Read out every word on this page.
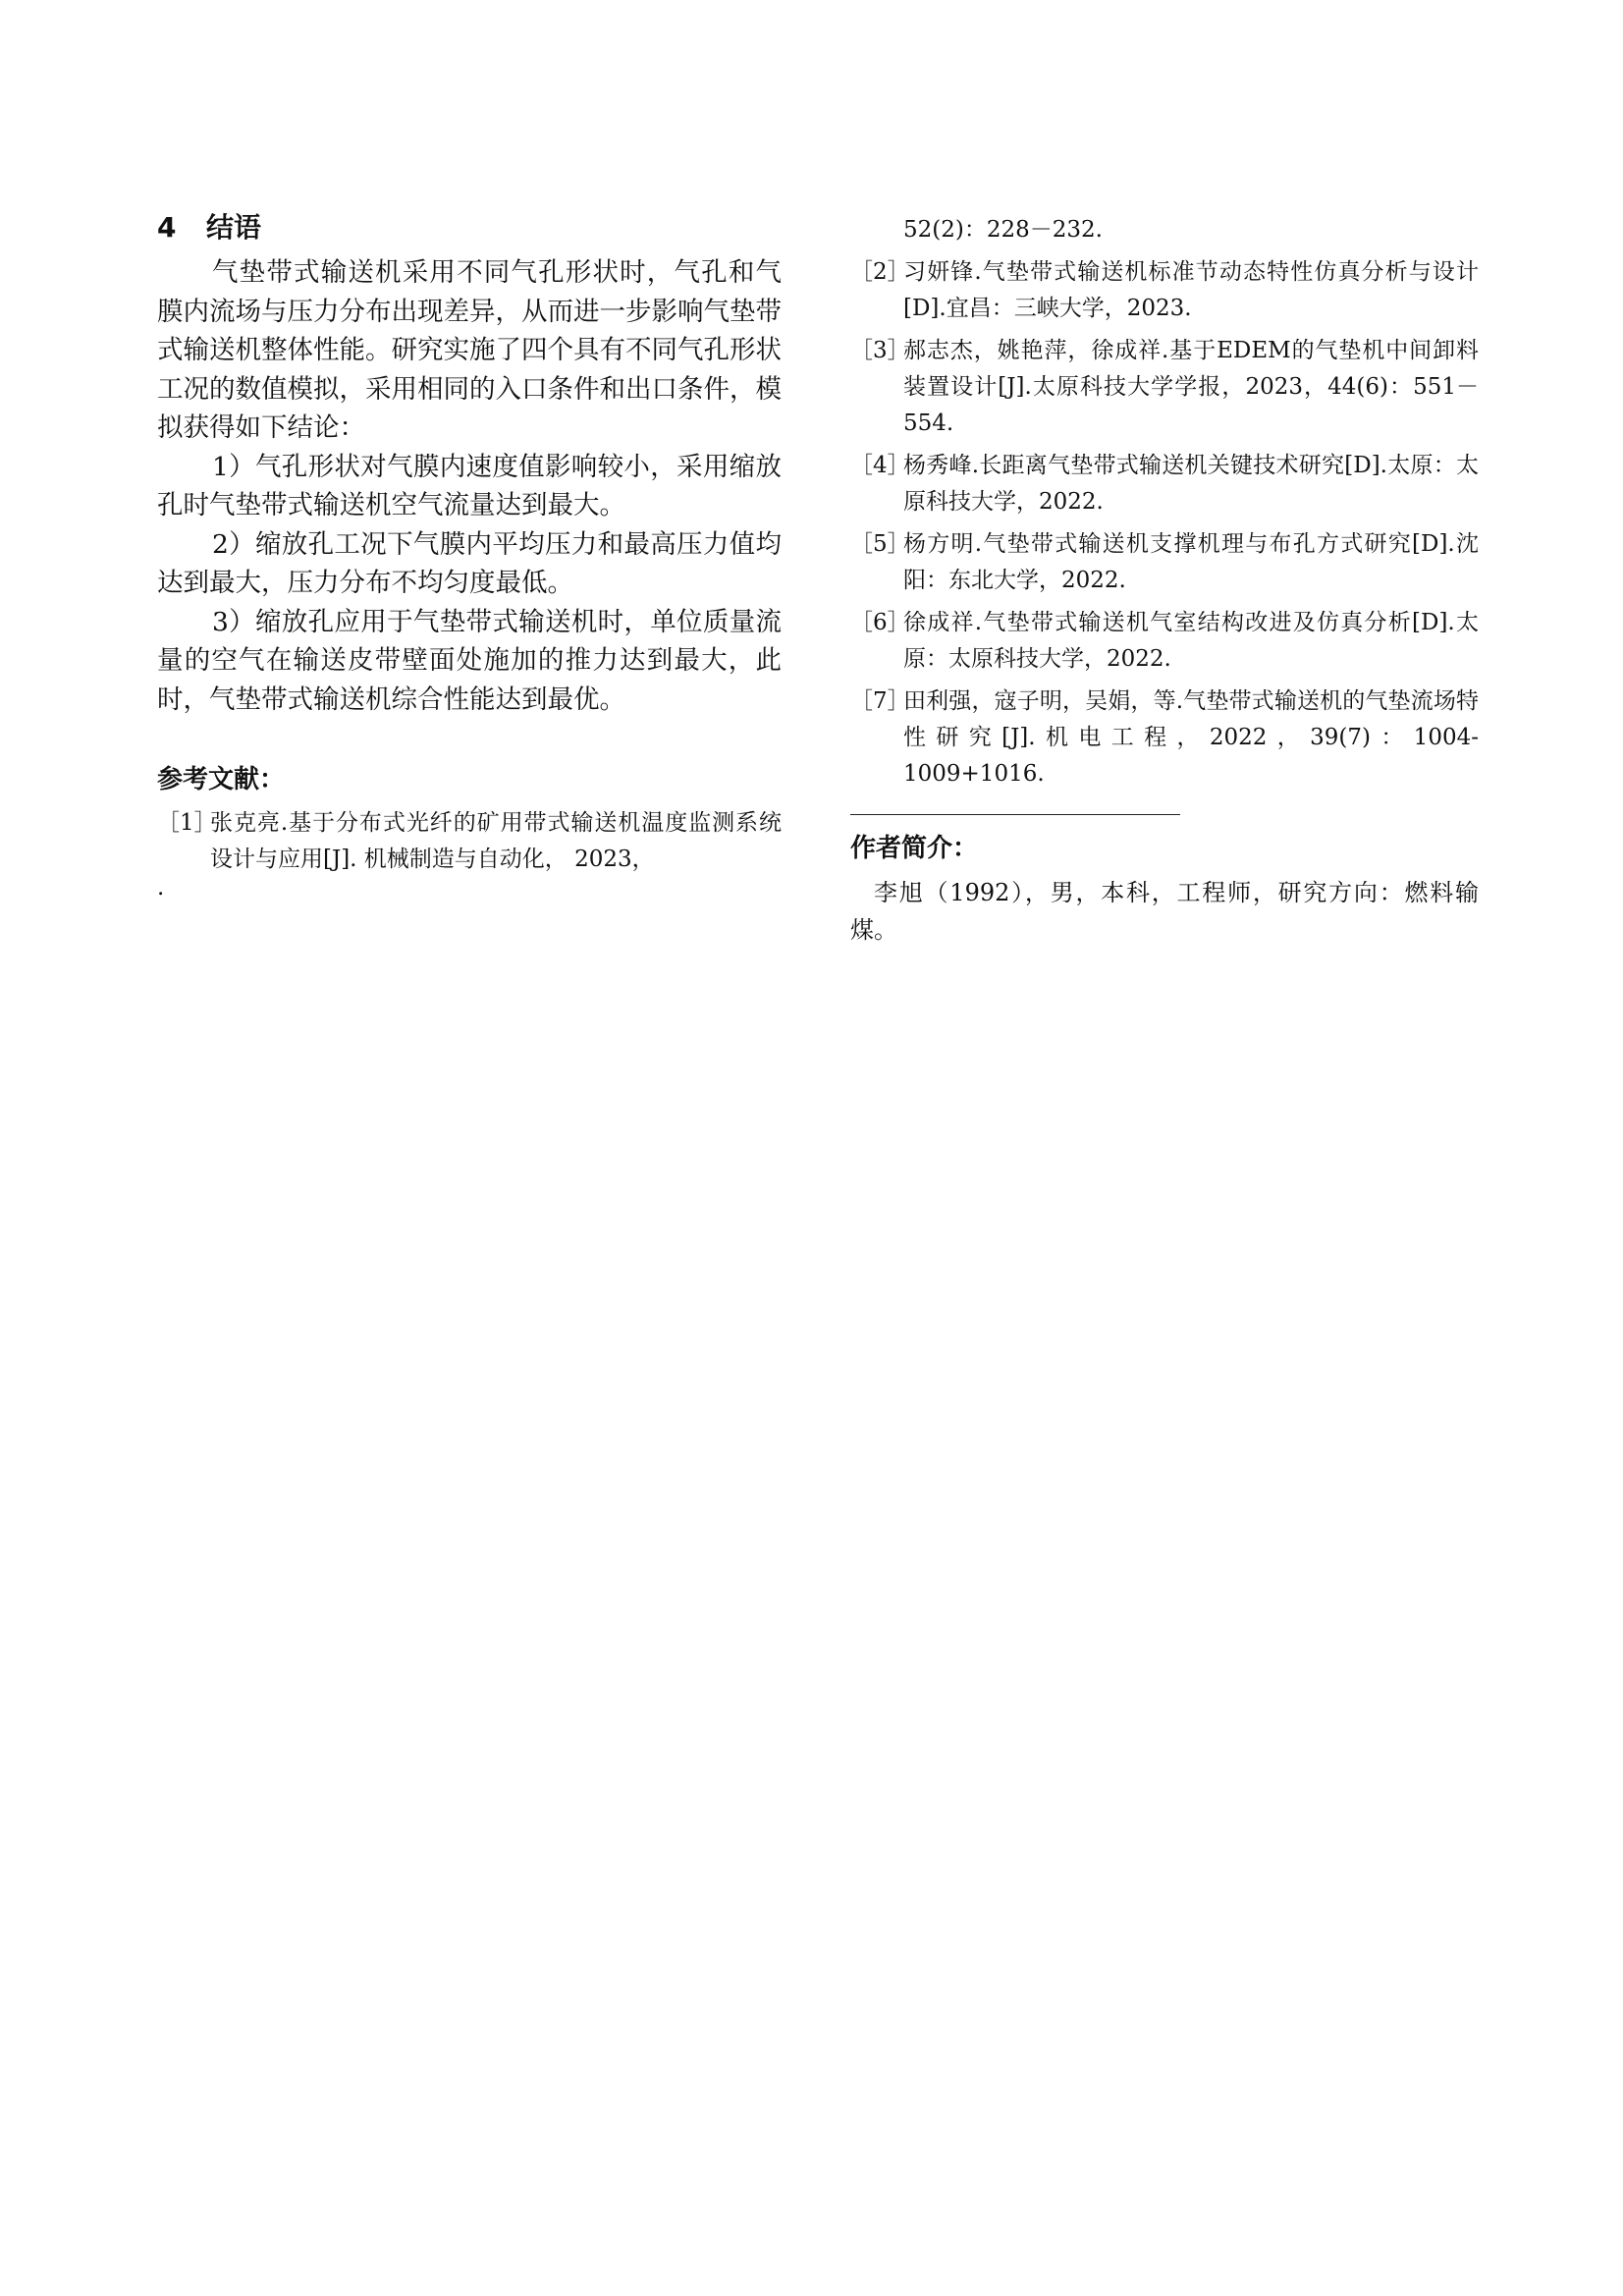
4 结语

气垫带式输送机采用不同气孔形状时，气孔和气膜内流场与压力分布出现差异，从而进一步影响气垫带式输送机整体性能。研究实施了四个具有不同气孔形状工况的数值模拟，采用相同的入口条件和出口条件，模拟获得如下结论：

1）气孔形状对气膜内速度值影响较小，采用缩放孔时气垫带式输送机空气流量达到最大。

2）缩放孔工况下气膜内平均压力和最高压力值均达到最大，压力分布不均匀度最低。

3）缩放孔应用于气垫带式输送机时，单位质量流量的空气在输送皮带壁面处施加的推力达到最大，此时，气垫带式输送机综合性能达到最优。

参考文献：
［1］
张克亮.基于分布式光纤的矿用带式输送机温度监测系统设计与应用[J]. 机械制造与自动化， 2023，
.
52(2)：228－232.
［2］
习妍锋.气垫带式输送机标准节动态特性仿真分析与设计[D].宜昌：三峡大学，2023.
［3］
郝志杰，姚艳萍，徐成祥.基于EDEM的气垫机中间卸料装置设计[J].太原科技大学学报，2023，44(6)：551－554.
［4］
杨秀峰.长距离气垫带式输送机关键技术研究[D].太原：太原科技大学，2022.
［5］
杨方明.气垫带式输送机支撑机理与布孔方式研究[D].沈阳：东北大学，2022.
［6］
徐成祥.气垫带式输送机气室结构改进及仿真分析[D].太原：太原科技大学，2022.
［7］
田利强，寇子明，吴娟，等.气垫带式输送机的气垫流场特性研究[J].机电工程，2022，39(7)：1004-1009+1016.
作者简介：

李旭（1992），男，本科，工程师，研究方向：燃料输煤。
